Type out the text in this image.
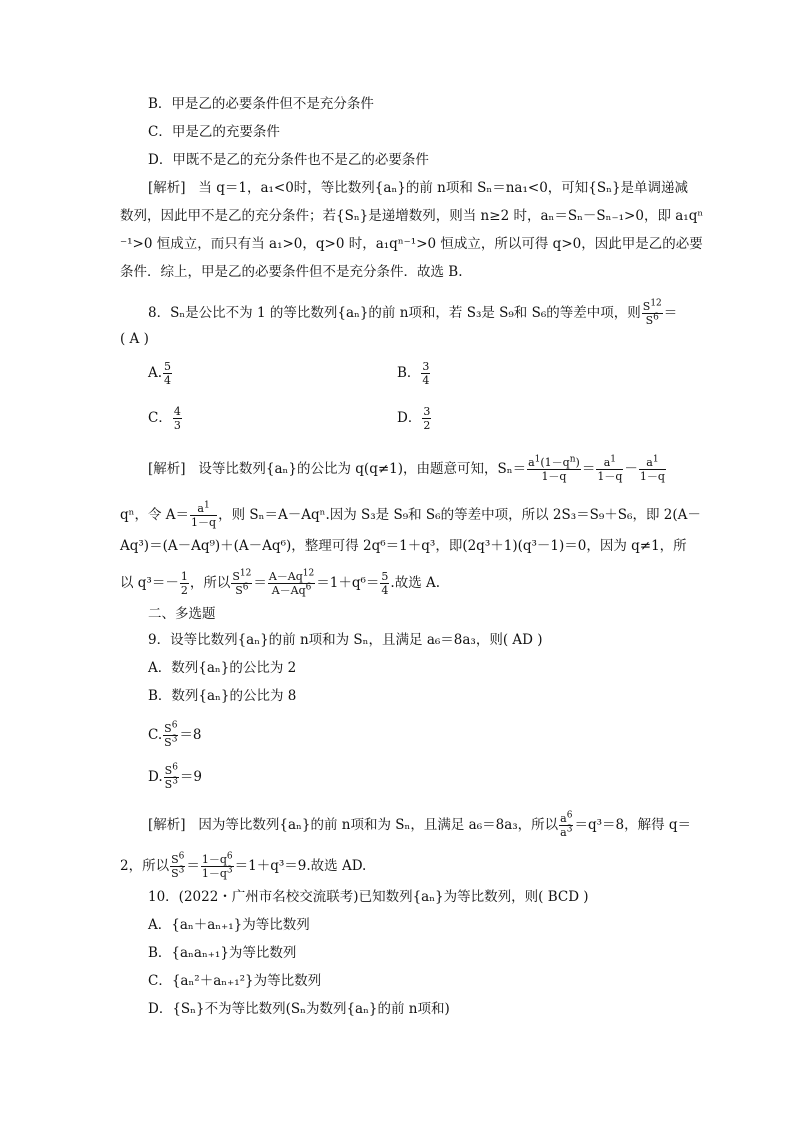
B．甲是乙的必要条件但不是充分条件
C．甲是乙的充要条件
D．甲既不是乙的充分条件也不是乙的必要条件
[解析] 当 q＝1，a₁<0时，等比数列{aₙ}的前 n项和 Sₙ＝na₁<0，可知{Sₙ}是单调递减
数列，因此甲不是乙的充分条件；若{Sₙ}是递增数列，则当 n≥2 时，aₙ＝Sₙ－Sₙ₋₁>0，即 a₁qⁿ
⁻¹>0 恒成立，而只有当 a₁>0，q>0 时，a₁qⁿ⁻¹>0 恒成立，所以可得 q>0，因此甲是乙的必要
条件．综上，甲是乙的必要条件但不是充分条件．故选 B.
8．Sₙ是公比不为 1 的等比数列{aₙ}的前 n项和，若 S₃是 S₉和 S₆的等差中项，则 $\frac{S^{12}}{S^6}$ ＝
( A )
A. $\frac{5}{4}$	B． $\frac{3}{4}$
C． $\frac{4}{3}$	D． $\frac{3}{2}$
[解析] 设等比数列{aₙ}的公比为 q(q≠1)，由题意可知，$S_n= \frac{a^1(1-q^n)}{1-q} = \frac{a^1}{1-q} - \frac{a^1}{1-q}$
qⁿ，令 $A= \frac{a^1}{1-q}$ ，则 Sₙ＝A－Aqⁿ.因为 S₃是 S₉和 S₆的等差中项，所以 2S₃＝S₉＋S₆，即 2(A－
Aq³)＝(A－Aq⁹)＋(A－Aq⁶)，整理可得 2q⁶＝1＋q³，即(2q³＋1)(q³－1)＝0，因为 q≠1，所
以 $q^3=- \frac{1}{2}$ ，所以 $\frac{S^{12}}{S^6} = \frac{A-Aq^{12}}{A-Aq^6} =1+q^6= \frac{5}{4}$ .故选 A.
二、多选题
9．设等比数列{aₙ}的前 n项和为 Sₙ，且满足 a₆＝8a₃，则( AD )
A．数列{aₙ}的公比为 2
B．数列{aₙ}的公比为 8
C. $\frac{S^6}{S^3} =8$
D. $\frac{S^6}{S^3} =9$
[解析] 因为等比数列{aₙ}的前 n项和为 Sₙ，且满足 a₆＝8a₃，所以 $\frac{a^6}{a^3} =q^3=8$，解得 q＝
2，所以 $\frac{S^6}{S^3} = \frac{1-q^6}{1-q^3} =1+q^3=9$.故选 AD.
10．(2022・广州市名校交流联考)已知数列{aₙ}为等比数列，则( BCD )
A．{aₙ＋aₙ₊₁}为等比数列
B．{aₙaₙ₊₁}为等比数列
C．{aₙ²＋aₙ₊₁²}为等比数列
D．{Sₙ}不为等比数列(Sₙ为数列{aₙ}的前 n项和)
